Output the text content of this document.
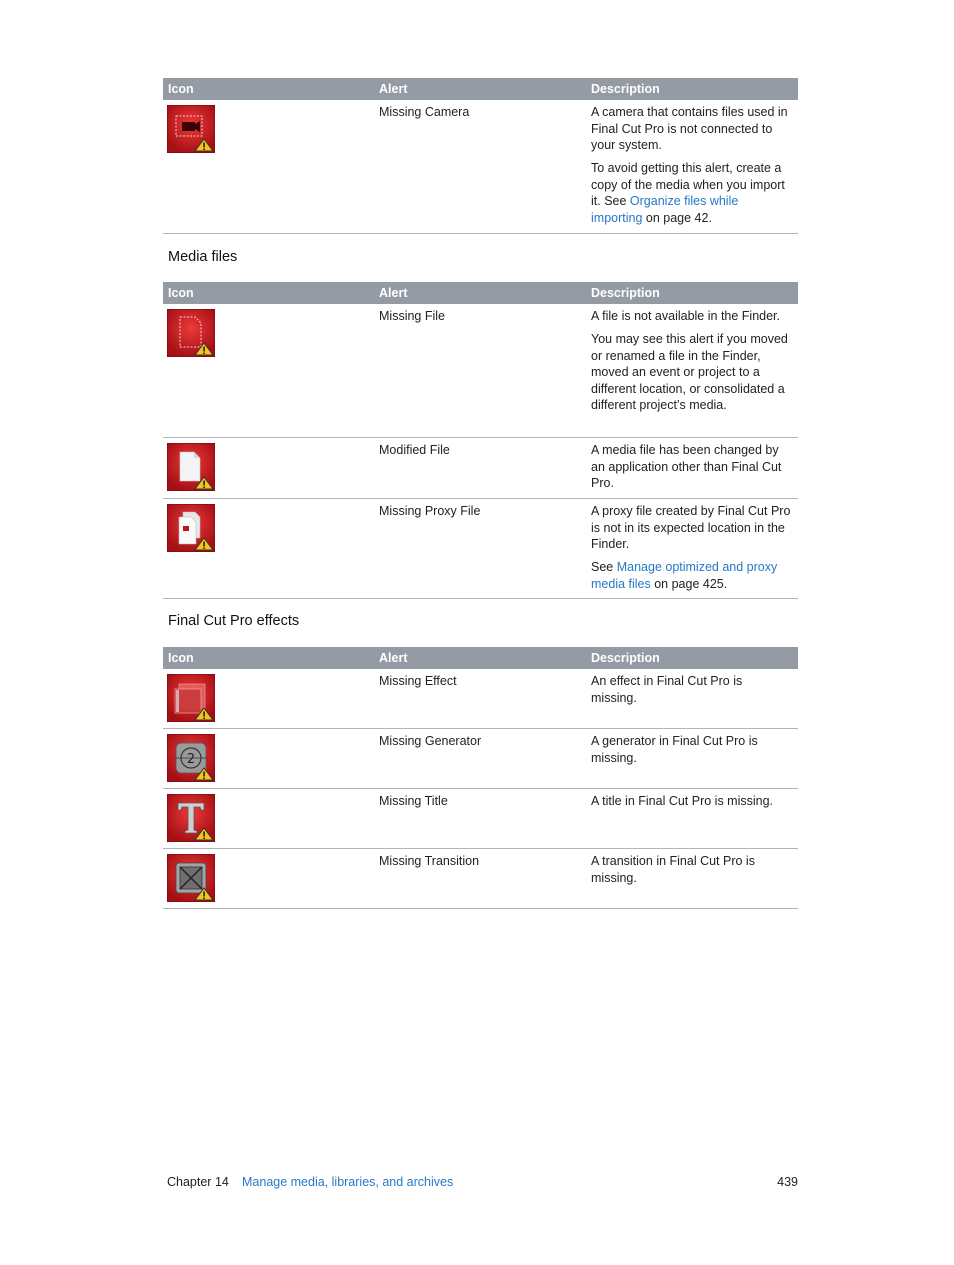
Icon	Alert	Description
Missing Camera	A camera that contains files used in Final Cut Pro is not connected to your system.

To avoid getting this alert, create a copy of the media when you import it. See Organize files while importing on page 42.

Media files
Icon	Alert	Description
Missing File	A file is not available in the Finder.

You may see this alert if you moved or renamed a file in the Finder, moved an event or project to a different location, or consolidated a different project’s media.

Modified File	A media file has been changed by an application other than Final Cut Pro.

Missing Proxy File	A proxy file created by Final Cut Pro is not in its expected location in the Finder.

See Manage optimized and proxy media files on page 425.

Final Cut Pro effects
Icon	Alert	Description
Missing Effect	An effect in Final Cut Pro is missing.

2
Missing Generator	A generator in Final Cut Pro is missing.

Missing Title	A title in Final Cut Pro is missing.

Missing Transition	A transition in Final Cut Pro is missing.

Chapter 14 Manage media, libraries, and archives	439
